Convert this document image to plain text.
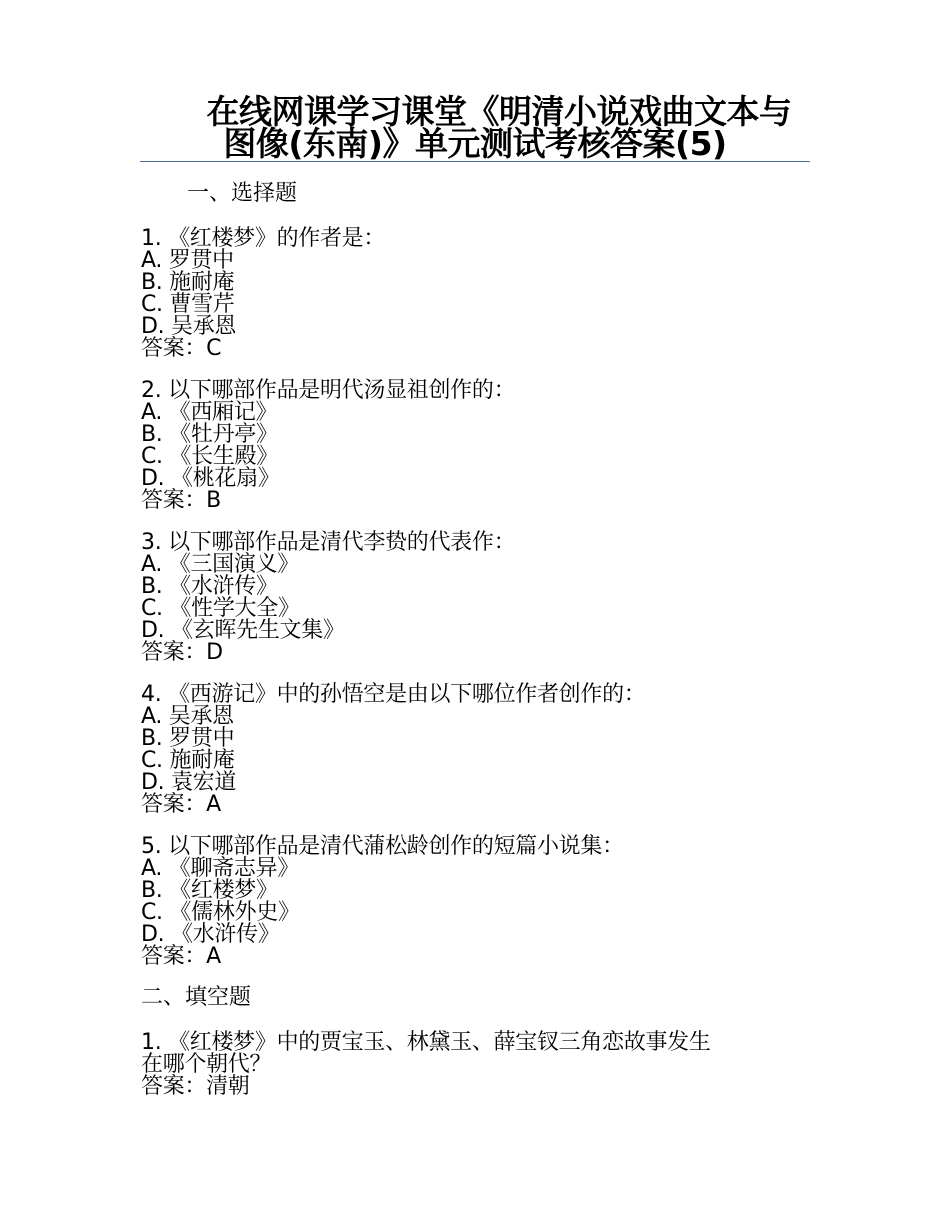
在线网课学习课堂《明清小说戏曲文本与
图像(东南)》单元测试考核答案(5)
一、选择题
1. 《红楼梦》的作者是：
A. 罗贯中
B. 施耐庵
C. 曹雪芹
D. 吴承恩
答案：C
2. 以下哪部作品是明代汤显祖创作的：
A. 《西厢记》
B. 《牡丹亭》
C. 《长生殿》
D. 《桃花扇》
答案：B
3. 以下哪部作品是清代李贽的代表作：
A. 《三国演义》
B. 《水浒传》
C. 《性学大全》
D. 《玄晖先生文集》
答案：D
4. 《西游记》中的孙悟空是由以下哪位作者创作的：
A. 吴承恩
B. 罗贯中
C. 施耐庵
D. 袁宏道
答案：A
5. 以下哪部作品是清代蒲松龄创作的短篇小说集：
A. 《聊斋志异》
B. 《红楼梦》
C. 《儒林外史》
D. 《水浒传》
答案：A
二、填空题
1. 《红楼梦》中的贾宝玉、林黛玉、薛宝钗三角恋故事发生
在哪个朝代？
答案：清朝
